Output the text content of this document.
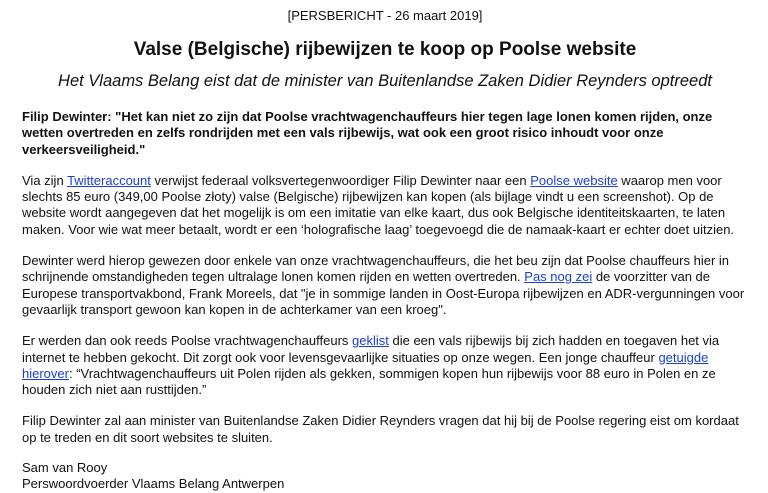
[PERSBERICHT - 26 maart 2019]
Valse (Belgische) rijbewijzen te koop op Poolse website
Het Vlaams Belang eist dat de minister van Buitenlandse Zaken Didier Reynders optreedt

Filip Dewinter: "Het kan niet zo zijn dat Poolse vrachtwagenchauffeurs hier tegen lage lonen komen rijden, onze wetten overtreden en zelfs rondrijden met een vals rijbewijs, wat ook een groot risico inhoudt voor onze verkeersveiligheid."

Via zijn Twitteraccount verwijst federaal volksvertegenwoordiger Filip Dewinter naar een Poolse website waarop men voor slechts 85 euro (349,00 Poolse złoty) valse (Belgische) rijbewijzen kan kopen (als bijlage vindt u een screenshot). Op de website wordt aangegeven dat het mogelijk is om een imitatie van elke kaart, dus ook Belgische identiteitskaarten, te laten maken. Voor wie wat meer betaalt, wordt er een ‘holografische laag’ toegevoegd die de namaak-kaart er echter doet uitzien.

Dewinter werd hierop gewezen door enkele van onze vrachtwagenchauffeurs, die het beu zijn dat Poolse chauffeurs hier in schrijnende omstandigheden tegen ultralage lonen komen rijden en wetten overtreden. Pas nog zei de voorzitter van de Europese transportvakbond, Frank Moreels, dat "je in sommige landen in Oost-Europa rijbewijzen en ADR-vergunningen voor gevaarlijk transport gewoon kan kopen in de achterkamer van een kroeg".

Er werden dan ook reeds Poolse vrachtwagenchauffeurs geklist die een vals rijbewijs bij zich hadden en toegaven het via internet te hebben gekocht. Dit zorgt ook voor levensgevaarlijke situaties op onze wegen. Een jonge chauffeur getuigde hierover: “Vrachtwagenchauffeurs uit Polen rijden als gekken, sommigen kopen hun rijbewijs voor 88 euro in Polen en ze houden zich niet aan rusttijden.”

Filip Dewinter zal aan minister van Buitenlandse Zaken Didier Reynders vragen dat hij bij de Poolse regering eist om kordaat op te treden en dit soort websites te sluiten.

Sam van Rooy

Perswoordvoerder Vlaams Belang Antwerpen
